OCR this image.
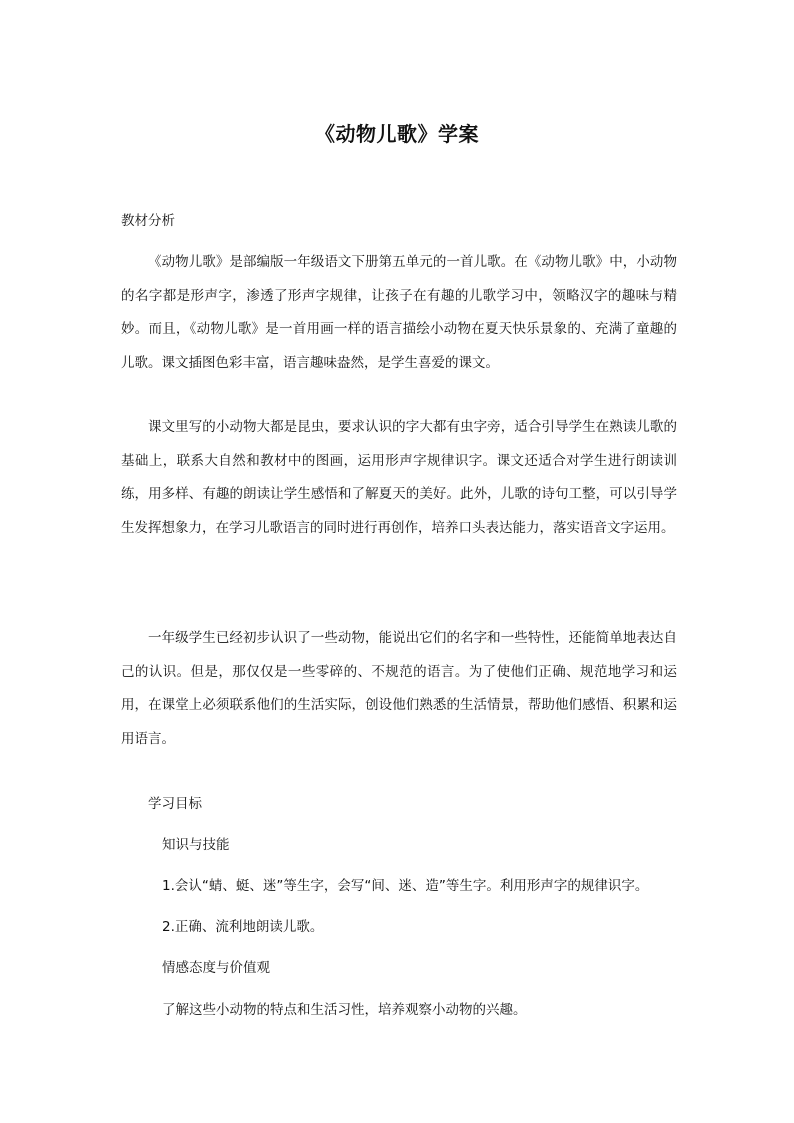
《动物儿歌》学案
教材分析
《动物儿歌》是部编版一年级语文下册第五单元的一首儿歌。在《动物儿歌》中，小动物的名字都是形声字，渗透了形声字规律，让孩子在有趣的儿歌学习中，领略汉字的趣味与精妙。而且，《动物儿歌》是一首用画一样的语言描绘小动物在夏天快乐景象的、充满了童趣的儿歌。课文插图色彩丰富，语言趣味盎然，是学生喜爱的课文。
课文里写的小动物大都是昆虫，要求认识的字大都有虫字旁，适合引导学生在熟读儿歌的基础上，联系大自然和教材中的图画，运用形声字规律识字。课文还适合对学生进行朗读训练，用多样、有趣的朗读让学生感悟和了解夏天的美好。此外，儿歌的诗句工整，可以引导学生发挥想象力，在学习儿歌语言的同时进行再创作，培养口头表达能力，落实语音文字运用。
一年级学生已经初步认识了一些动物，能说出它们的名字和一些特性，还能简单地表达自己的认识。但是，那仅仅是一些零碎的、不规范的语言。为了使他们正确、规范地学习和运用，在课堂上必须联系他们的生活实际，创设他们熟悉的生活情景，帮助他们感悟、积累和运用语言。
学习目标
知识与技能
1.会认“蜻、蜓、迷”等生字，会写“间、迷、造”等生字。利用形声字的规律识字。
2.正确、流利地朗读儿歌。
情感态度与价值观
了解这些小动物的特点和生活习性，培养观察小动物的兴趣。
